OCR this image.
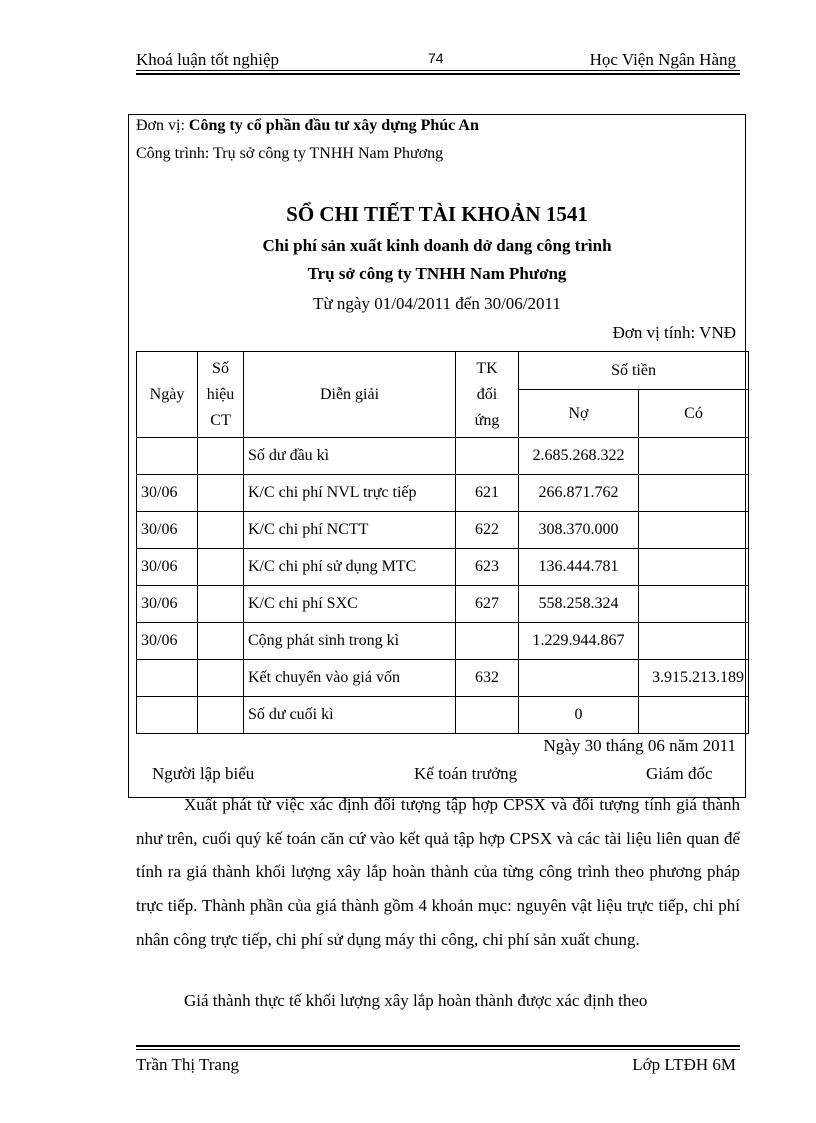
Khoá luận tốt nghiệp	74	Học Viện Ngân Hàng
Đơn vị: Công ty cổ phần đầu tư xây dựng Phúc An
Công trình: Trụ sở công ty TNHH Nam Phương
SỔ CHI TIẾT TÀI KHOẢN 1541
Chi phí sản xuất kinh doanh dở dang công trình
Trụ sở công ty TNHH Nam Phương
Từ ngày 01/04/2011 đến 30/06/2011
Đơn vị tính: VNĐ
Ngày	Số
hiệu
CT	Diễn giải	TK
đối
ứng	Số tiền	
				Nợ	Có
		Số dư đầu kì		2.685.268.322	
30/06		K/C chi phí NVL trực tiếp	621	266.871.762	
30/06		K/C chi phí NCTT	622	308.370.000	
30/06		K/C chi phí sử dụng MTC	623	136.444.781	
30/06		K/C chi phí SXC	627	558.258.324	
30/06		Cộng phát sinh trong kì		1.229.944.867	
		Kết chuyển vào giá vốn	632		3.915.213.189
		Số dư cuối kì		0	
Ngày 30 tháng 06 năm 2011
Người lập biểu	Kế toán trưởng	Giám đốc
Xuất phát từ việc xác định đối tượng tập hợp CPSX và đối tượng tính giá thành như trên, cuối quý kế toán căn cứ vào kết quả tập hợp CPSX và các tài liệu liên quan để tính ra giá thành khối lượng xây lắp hoàn thành của từng công trình theo phương pháp trực tiếp. Thành phần của giá thành gồm 4 khoản mục: nguyên vật liệu trực tiếp, chi phí nhân công trực tiếp, chi phí sử dụng máy thi công, chi phí sản xuất chung.
Giá thành thực tế khối lượng xây lắp hoàn thành được xác định theo
Trần Thị Trang	Lớp LTĐH 6M
